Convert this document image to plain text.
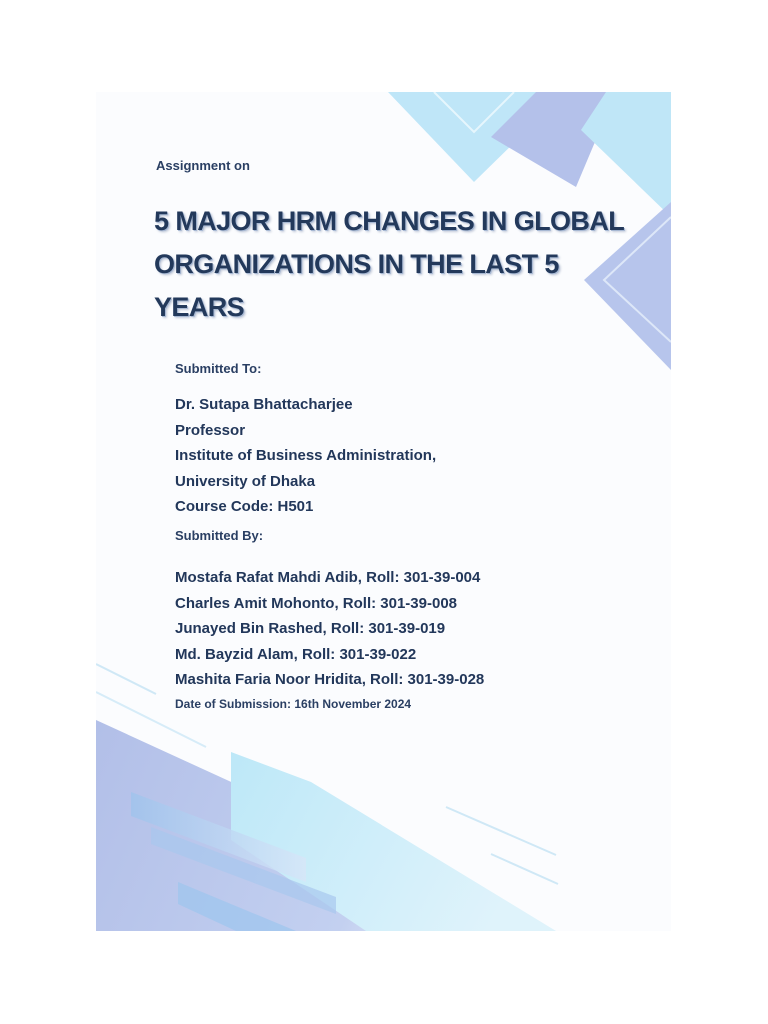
Assignment on
5 MAJOR HRM CHANGES IN GLOBAL
ORGANIZATIONS IN THE LAST 5
YEARS
Submitted To:
Dr. Sutapa Bhattacharjee
Professor
Institute of Business Administration,
University of Dhaka
Course Code: H501
Submitted By:
Mostafa Rafat Mahdi Adib, Roll: 301-39-004
Charles Amit Mohonto, Roll: 301-39-008
Junayed Bin Rashed, Roll: 301-39-019
Md. Bayzid Alam, Roll: 301-39-022
Mashita Faria Noor Hridita, Roll: 301-39-028
Date of Submission: 16th November 2024
